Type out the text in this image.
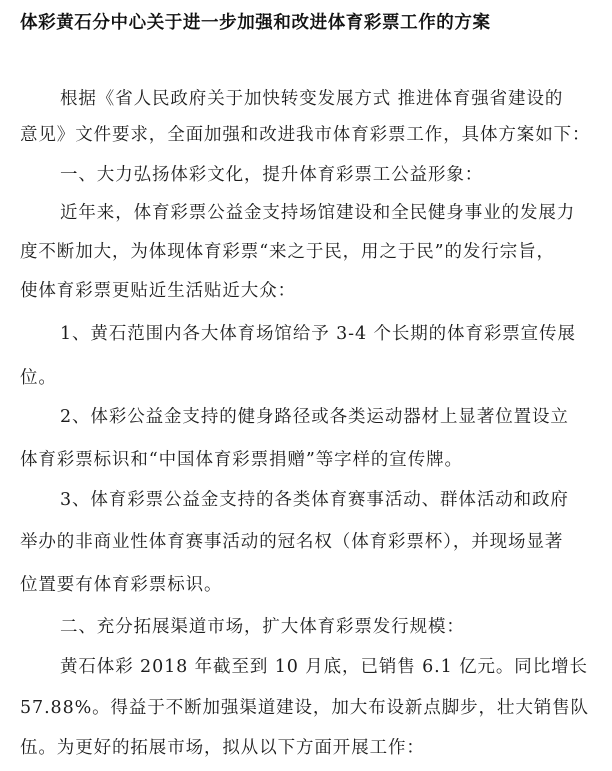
体彩黄石分中心关于进一步加强和改进体育彩票工作的方案
根据《省人民政府关于加快转变发展方式 推进体育强省建设的
意见》文件要求，全面加强和改进我市体育彩票工作，具体方案如下：
一、大力弘扬体彩文化，提升体育彩票工公益形象：
近年来，体育彩票公益金支持场馆建设和全民健身事业的发展力
度不断加大，为体现体育彩票“来之于民，用之于民”的发行宗旨，
使体育彩票更贴近生活贴近大众：
1、黄石范围内各大体育场馆给予 3-4 个长期的体育彩票宣传展
位。
2、体彩公益金支持的健身路径或各类运动器材上显著位置设立
体育彩票标识和“中国体育彩票捐赠”等字样的宣传牌。
3、体育彩票公益金支持的各类体育赛事活动、群体活动和政府
举办的非商业性体育赛事活动的冠名权（体育彩票杯），并现场显著
位置要有体育彩票标识。
二、充分拓展渠道市场，扩大体育彩票发行规模：
黄石体彩 2018 年截至到 10 月底，已销售 6.1 亿元。同比增长
57.88%。得益于不断加强渠道建设，加大布设新点脚步，壮大销售队
伍。为更好的拓展市场，拟从以下方面开展工作：
